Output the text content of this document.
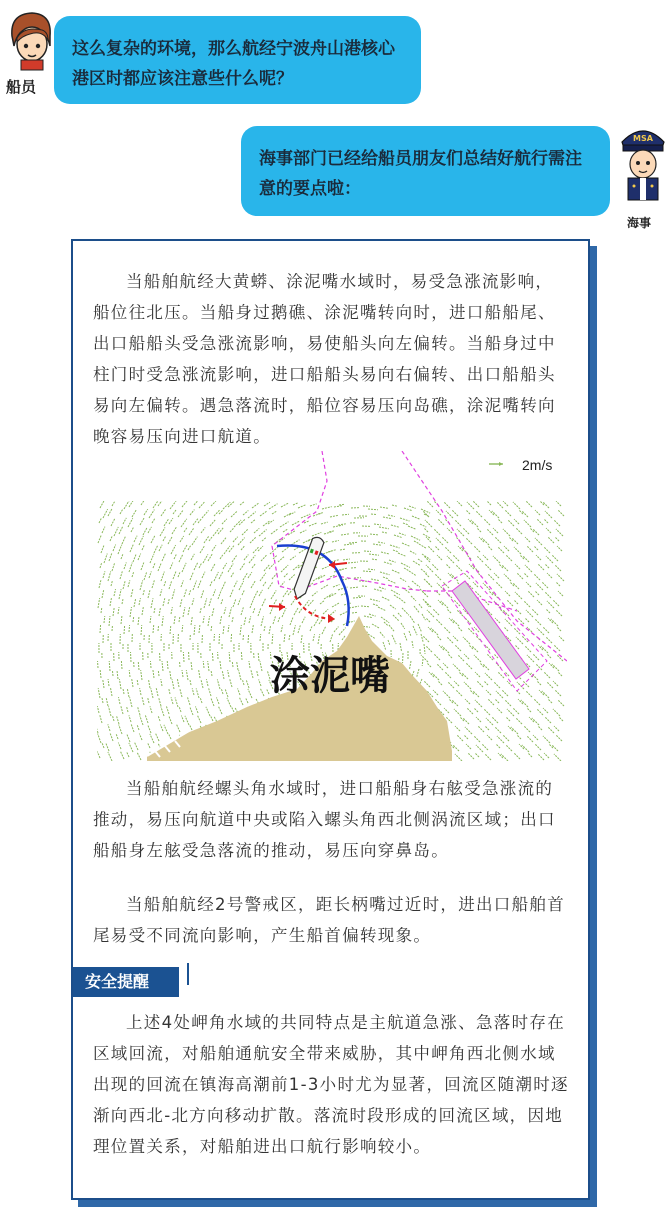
船员
这么复杂的环境，那么航经宁波舟山港核心港区时都应该注意些什么呢？
海事部门已经给船员朋友们总结好航行需注意的要点啦：
MSA
海事
当船舶航经大黄蟒、涂泥嘴水域时，易受急涨流影响，船位往北压。当船身过鹅礁、涂泥嘴转向时，进口船船尾、出口船船头受急涨流影响，易使船头向左偏转。当船身过中柱门时受急涨流影响，进口船船头易向右偏转、出口船船头易向左偏转。遇急落流时，船位容易压向岛礁，涂泥嘴转向晚容易压向进口航道。
2m/s
涂泥嘴
当船舶航经螺头角水域时，进口船船身右舷受急涨流的推动，易压向航道中央或陷入螺头角西北侧涡流区域；出口船船身左舷受急落流的推动，易压向穿鼻岛。
当船舶航经2号警戒区，距长柄嘴过近时，进出口船舶首尾易受不同流向影响，产生船首偏转现象。
安全提醒
上述4处岬角水域的共同特点是主航道急涨、急落时存在区域回流，对船舶通航安全带来威胁，其中岬角西北侧水域出现的回流在镇海高潮前1-3小时尤为显著，回流区随潮时逐渐向西北-北方向移动扩散。落流时段形成的回流区域，因地理位置关系，对船舶进出口航行影响较小。
